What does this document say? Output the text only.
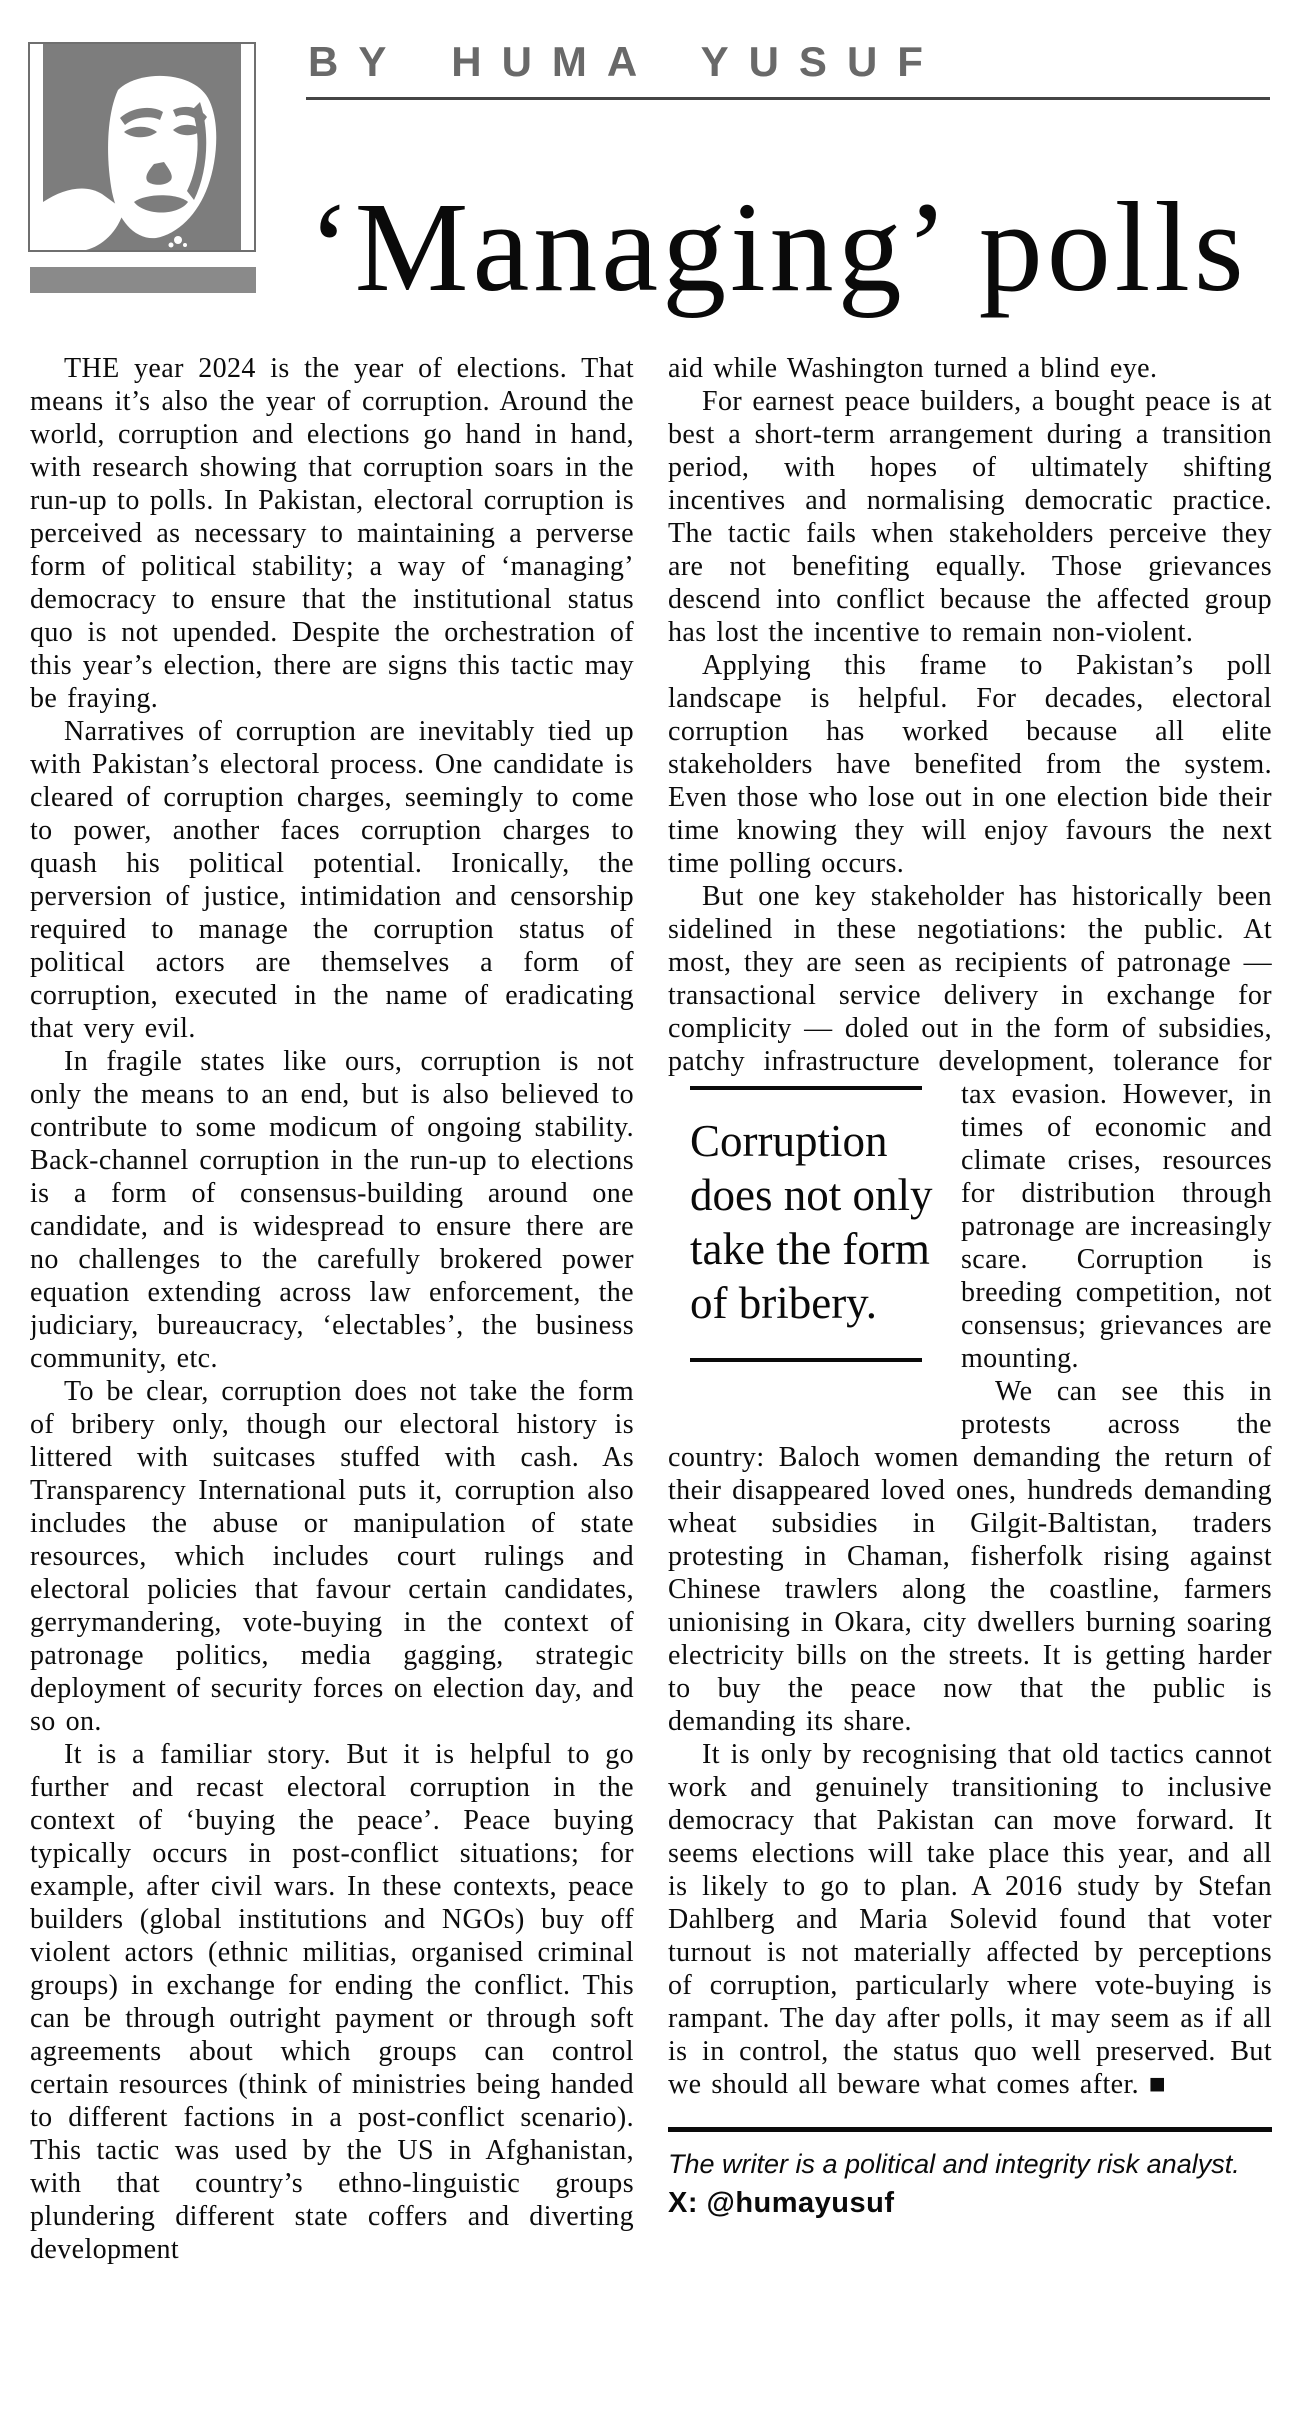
BY HUMA YUSUF
‘Managing’ polls

THE year 2024 is the year of elections. That means it’s also the year of corruption. Around the world, corruption and elections go hand in hand, with research showing that corruption soars in the run-up to polls. In Pakistan, electoral corruption is perceived as necessary to maintaining a perverse form of political stability; a way of ‘managing’ democracy to ensure that the institutional status quo is not upended. Despite the orchestration of this year’s election, there are signs this tactic may be fraying.

Narratives of corruption are inevitably tied up with Pakistan’s electoral process. One candidate is cleared of corruption charges, seemingly to come to power, another faces corruption charges to quash his political potential. Ironically, the perversion of justice, intimidation and censorship required to manage the corruption status of political actors are themselves a form of corruption, executed in the name of eradicating that very evil.

In fragile states like ours, corruption is not only the means to an end, but is also believed to contribute to some modicum of ongoing stability. Back-channel corruption in the run-up to elections is a form of consensus-building around one candidate, and is widespread to ensure there are no challenges to the carefully brokered power equation extending across law enforcement, the judiciary, bureaucracy, ‘electables’, the business community, etc.

To be clear, corruption does not take the form of bribery only, though our electoral history is littered with suitcases stuffed with cash. As Transparency International puts it, corruption also includes the abuse or manipulation of state resources, which includes court rulings and electoral policies that favour certain candidates, gerrymandering, vote-buying in the context of patronage politics, media gagging, strategic deployment of security forces on election day, and so on.

It is a familiar story. But it is helpful to go further and recast electoral corruption in the context of ‘buying the peace’. Peace buying typically occurs in post-conflict situations; for example, after civil wars. In these contexts, peace builders (global institutions and NGOs) buy off violent actors (ethnic militias, organised criminal groups) in exchange for ending the conflict. This can be through outright payment or through soft agreements about which groups can control certain resources (think of ministries being handed to different factions in a post-conflict scenario). This tactic was used by the US in Afghanistan, with that country’s ethno-linguistic groups plundering different state coffers and diverting development

aid while Washington turned a blind eye.

For earnest peace builders, a bought peace is at best a short-term arrangement during a transition period, with hopes of ultimately shifting incentives and normalising democratic practice. The tactic fails when stakeholders perceive they are not benefiting equally. Those grievances descend into conflict because the affected group has lost the incentive to remain non-violent.

Applying this frame to Pakistan’s poll landscape is helpful. For decades, electoral corruption has worked because all elite stakeholders have benefited from the system. Even those who lose out in one election bide their time knowing they will enjoy favours the next time polling occurs.

But one key stakeholder has historically been sidelined in these negotiations: the public. At most, they are seen as recipients of patronage — transactional service delivery in exchange for complicity — doled out in the form of subsidies, patchy infrastructure development, tolerance for
Corruption does not only take the form of bribery.
tax evasion. However, in times of economic and climate crises, resources for distribution through patronage are increasingly scare. Corruption is breeding competition, not consensus; grievances are mounting.

We can see this in protests across the country: Baloch women demanding the return of their disappeared loved ones, hundreds demanding wheat subsidies in Gilgit-Baltistan, traders protesting in Chaman, fisherfolk rising against Chinese trawlers along the coastline, farmers unionising in Okara, city dwellers burning soaring electricity bills on the streets. It is getting harder to buy the peace now that the public is demanding its share.

It is only by recognising that old tactics cannot work and genuinely transitioning to inclusive democracy that Pakistan can move forward. It seems elections will take place this year, and all is likely to go to plan. A 2016 study by Stefan Dahlberg and Maria Solevid found that voter turnout is not materially affected by perceptions of corruption, particularly where vote-buying is rampant. The day after polls, it may seem as if all is in control, the status quo well preserved. But we should all beware what comes after. ■

The writer is a political and integrity risk analyst.

X: @humayusuf
